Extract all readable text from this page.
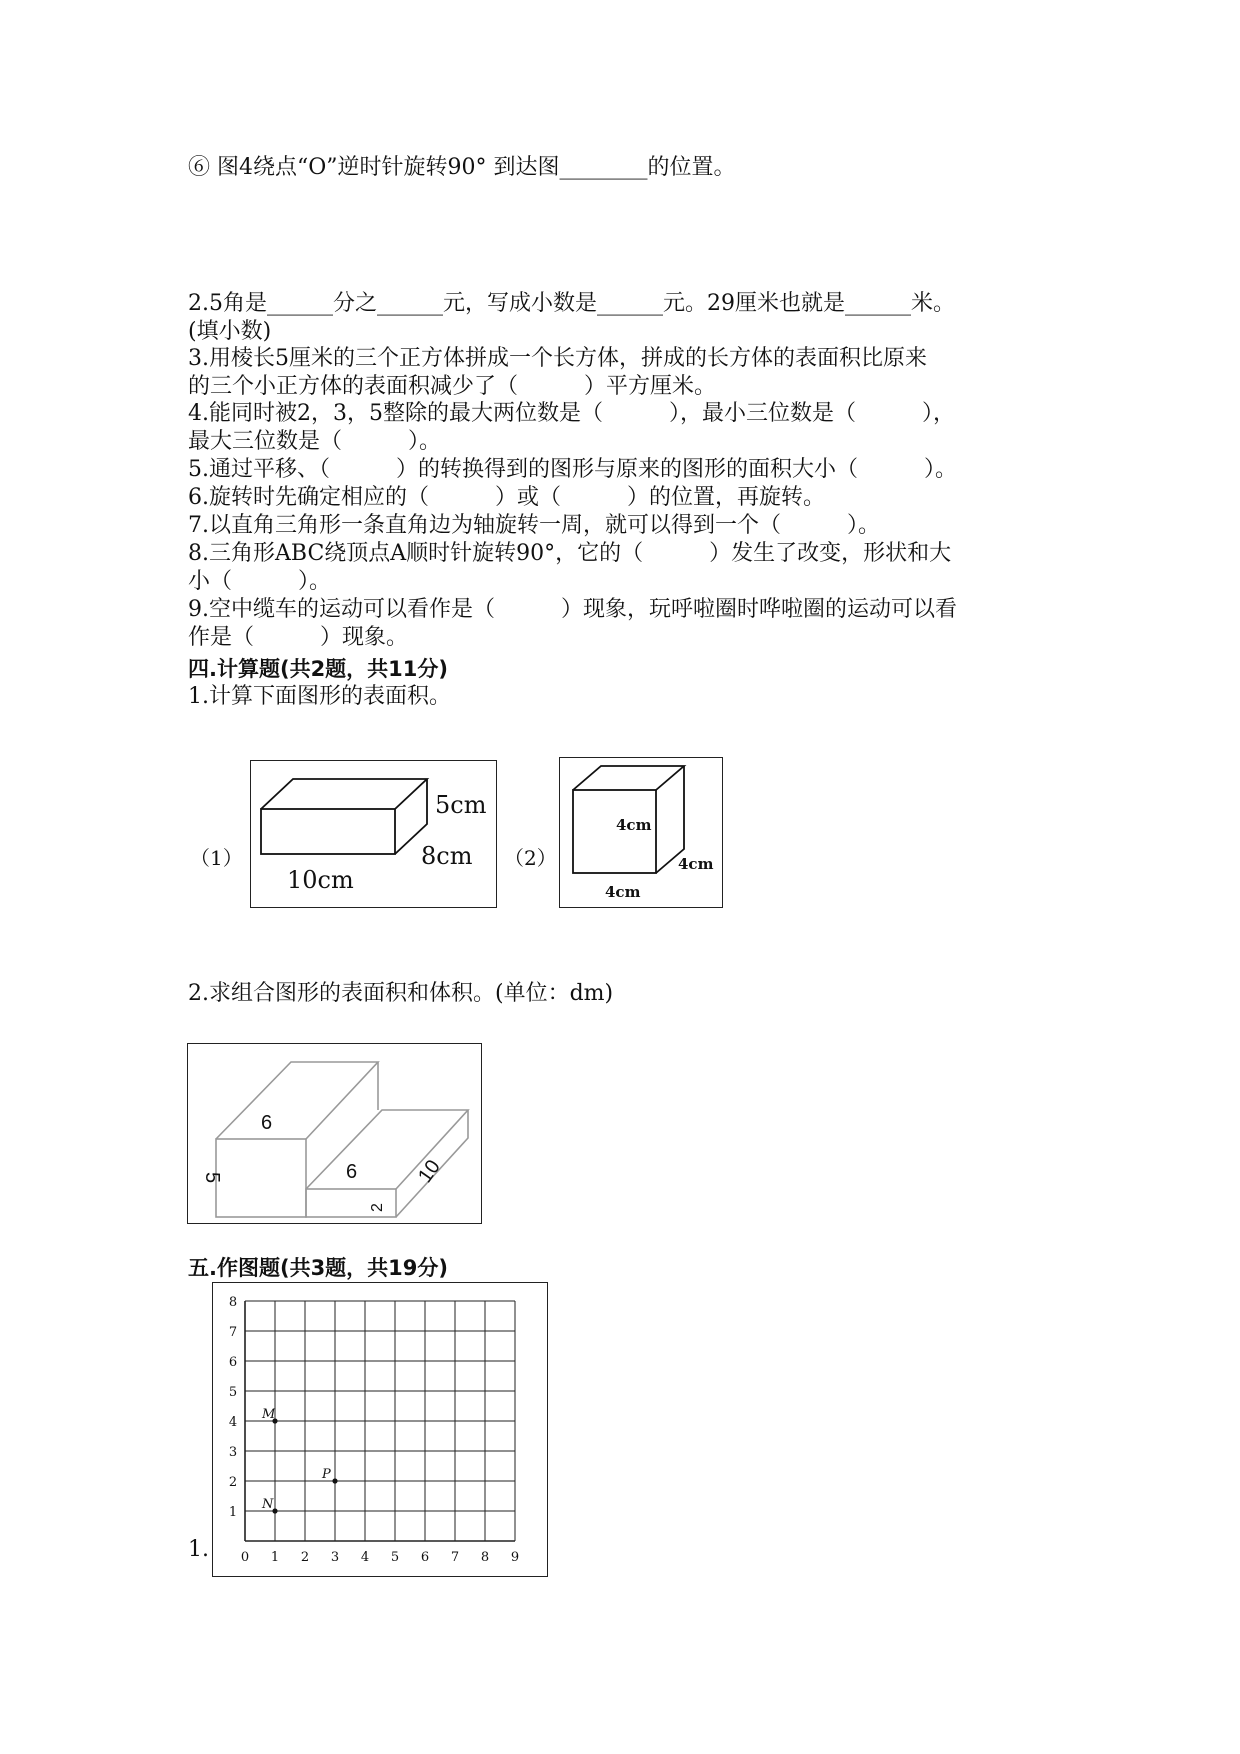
⑥ 图4绕点“O”逆时针旋转90° 到达图________的位置。
2.5角是______分之______元，写成小数是______元。29厘米也就是______米。
(填小数)
3.用棱长5厘米的三个正方体拼成一个长方体，拼成的长方体的表面积比原来
的三个小正方体的表面积减少了（　　　）平方厘米。
4.能同时被2，3，5整除的最大两位数是（　　　），最小三位数是（　　　），
最大三位数是（　　　）。
5.通过平移、（　　　）的转换得到的图形与原来的图形的面积大小（　　　）。
6.旋转时先确定相应的（　　　）或（　　　）的位置，再旋转。
7.以直角三角形一条直角边为轴旋转一周，就可以得到一个（　　　）。
8.三角形ABC绕顶点A顺时针旋转90°，它的（　　　）发生了改变，形状和大
小（　　　）。
9.空中缆车的运动可以看作是（　　　）现象，玩呼啦圈时哗啦圈的运动可以看
作是（　　　）现象。
四.计算题(共2题，共11分)
1.计算下面图形的表面积。
（1）
5cm
8cm
10cm
（2）
4cm
4cm
4cm
2.求组合图形的表面积和体积。(单位：dm)
6
6
2
5	10
五.作图题(共3题，共19分)
1. 0 1 2 3 4 5 6 7 8 9
1
2
3
4
5
6
7
8
M
P
N
